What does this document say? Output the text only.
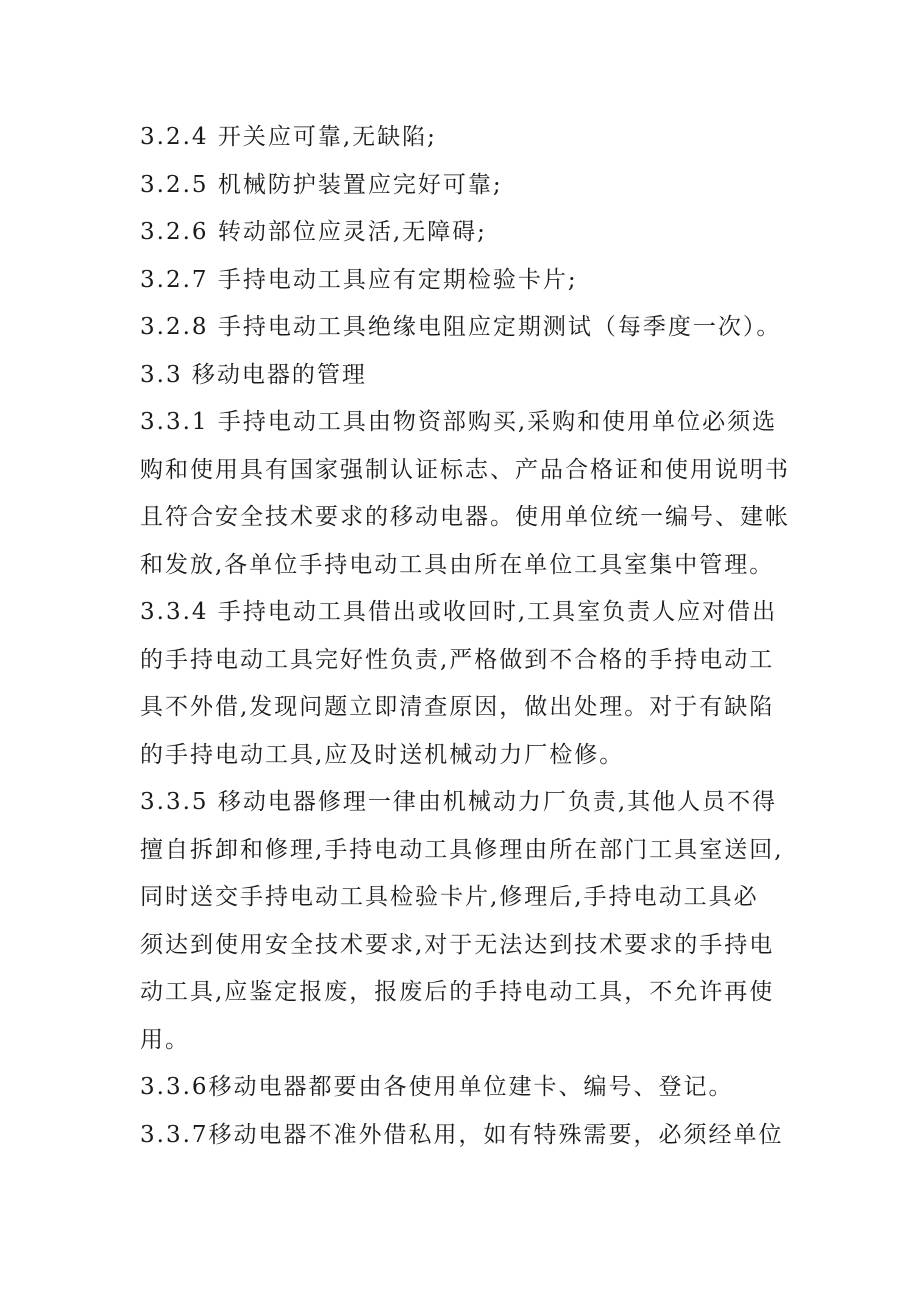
3.2.4 开关应可靠,无缺陷;
3.2.5 机械防护装置应完好可靠;
3.2.6 转动部位应灵活,无障碍;
3.2.7 手持电动工具应有定期检验卡片;
3.2.8 手持电动工具绝缘电阻应定期测试（每季度一次）。
3.3 移动电器的管理
3.3.1 手持电动工具由物资部购买,采购和使用单位必须选
购和使用具有国家强制认证标志、产品合格证和使用说明书
且符合安全技术要求的移动电器。使用单位统一编号、建帐
和发放,各单位手持电动工具由所在单位工具室集中管理。
3.3.4 手持电动工具借出或收回时,工具室负责人应对借出
的手持电动工具完好性负责,严格做到不合格的手持电动工
具不外借,发现问题立即清查原因，做出处理。对于有缺陷
的手持电动工具,应及时送机械动力厂检修。
3.3.5 移动电器修理一律由机械动力厂负责,其他人员不得
擅自拆卸和修理,手持电动工具修理由所在部门工具室送回,
同时送交手持电动工具检验卡片,修理后,手持电动工具必
须达到使用安全技术要求,对于无法达到技术要求的手持电
动工具,应鉴定报废，报废后的手持电动工具，不允许再使
用。
3.3.6移动电器都要由各使用单位建卡、编号、登记。
3.3.7移动电器不准外借私用，如有特殊需要，必须经单位
